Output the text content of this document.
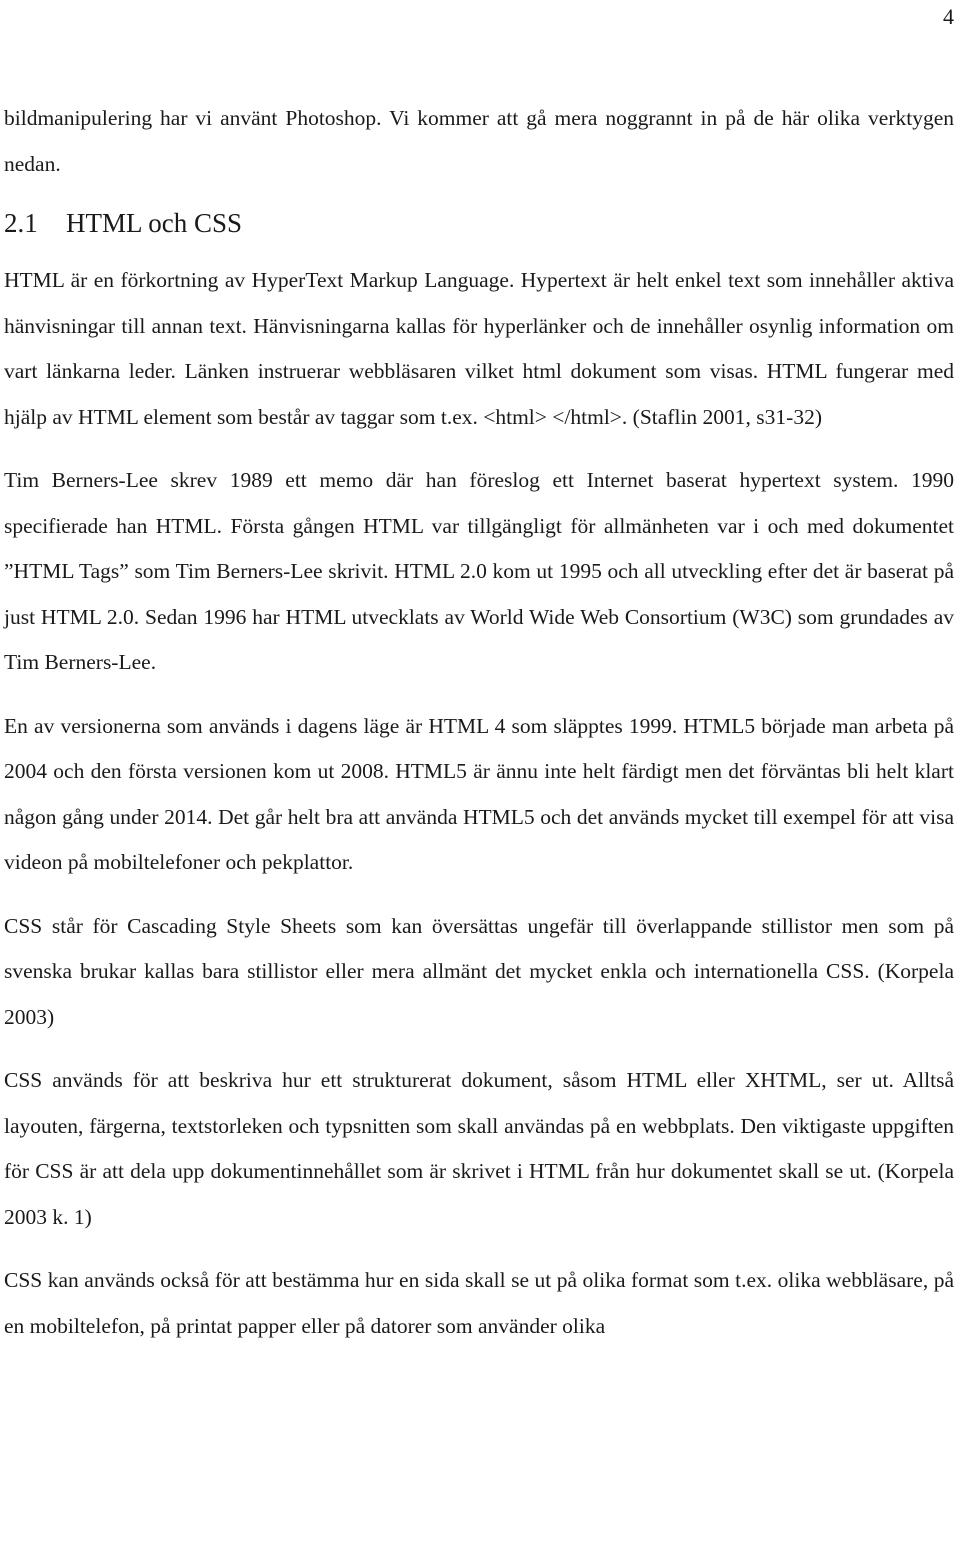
4

bildmanipulering har vi använt Photoshop. Vi kommer att gå mera noggrannt in på de här olika verktygen nedan.

2.1 HTML och CSS

HTML är en förkortning av HyperText Markup Language. Hypertext är helt enkel text som innehåller aktiva hänvisningar till annan text. Hänvisningarna kallas för hyperlänker och de innehåller osynlig information om vart länkarna leder. Länken instruerar webbläsaren vilket html dokument som visas. HTML fungerar med hjälp av HTML element som består av taggar som t.ex. <html> </html>. (Staflin 2001, s31-32)

Tim Berners-Lee skrev 1989 ett memo där han föreslog ett Internet baserat hypertext system. 1990 specifierade han HTML. Första gången HTML var tillgängligt för allmänheten var i och med dokumentet ”HTML Tags” som Tim Berners-Lee skrivit. HTML 2.0 kom ut 1995 och all utveckling efter det är baserat på just HTML 2.0. Sedan 1996 har HTML utvecklats av World Wide Web Consortium (W3C) som grundades av Tim Berners-Lee.

En av versionerna som används i dagens läge är HTML 4 som släpptes 1999. HTML5 började man arbeta på 2004 och den första versionen kom ut 2008. HTML5 är ännu inte helt färdigt men det förväntas bli helt klart någon gång under 2014. Det går helt bra att använda HTML5 och det används mycket till exempel för att visa videon på mobiltelefoner och pekplattor.

CSS står för Cascading Style Sheets som kan översättas ungefär till överlappande stillistor men som på svenska brukar kallas bara stillistor eller mera allmänt det mycket enkla och internationella CSS. (Korpela 2003)

CSS används för att beskriva hur ett strukturerat dokument, såsom HTML eller XHTML, ser ut. Alltså layouten, färgerna, textstorleken och typsnitten som skall användas på en webbplats. Den viktigaste uppgiften för CSS är att dela upp dokumentinnehållet som är skrivet i HTML från hur dokumentet skall se ut. (Korpela 2003 k. 1)

CSS kan används också för att bestämma hur en sida skall se ut på olika format som t.ex. olika webbläsare, på en mobiltelefon, på printat papper eller på datorer som använder olika
